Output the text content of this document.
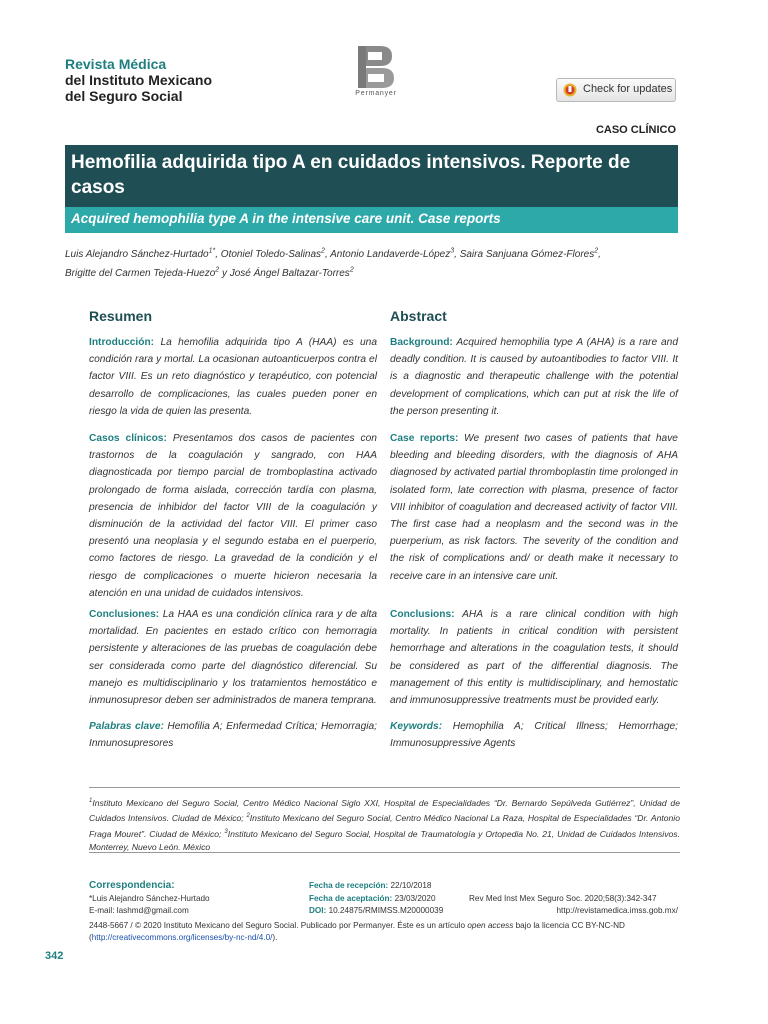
Revista Médica
del Instituto Mexicano
del Seguro Social	Permanyer	Check for updates
CASO CLÍNICO
Hemofilia adquirida tipo A en cuidados intensivos. Reporte de casos
Acquired hemophilia type A in the intensive care unit. Case reports
Luis Alejandro Sánchez-Hurtado$^{1*}$, Otoniel Toledo-Salinas$^2$, Antonio Landaverde-López$^3$, Saira Sanjuana Gómez-Flores$^2$,
Brigitte del Carmen Tejeda-Huezo$^2$ y José Ángel Baltazar-Torres$^2$
Resumen

Introducción: La hemofilia adquirida tipo A (HAA) es una condición rara y mortal. La ocasionan autoanticuerpos contra el factor VIII. Es un reto diagnóstico y terapéutico, con potencial desarrollo de complicaciones, las cuales pueden poner en riesgo la vida de quien las presenta.

Casos clínicos: Presentamos dos casos de pacientes con trastornos de la coagulación y sangrado, con HAA diagnosticada por tiempo parcial de tromboplastina activado prolongado de forma aislada, corrección tardía con plasma, presencia de inhibidor del factor VIII de la coagulación y disminución de la actividad del factor VIII. El primer caso presentó una neoplasia y el segundo estaba en el puerperio, como factores de riesgo. La gravedad de la condición y el riesgo de complicaciones o muerte hicieron necesaria la atención en una unidad de cuidados intensivos.

Conclusiones: La HAA es una condición clínica rara y de alta mortalidad. En pacientes en estado crítico con hemorragia persistente y alteraciones de las pruebas de coagulación debe ser considerada como parte del diagnóstico diferencial. Su manejo es multidisciplinario y los tratamientos hemostático e inmunosupresor deben ser administrados de manera temprana.

Palabras clave: Hemofilia A; Enfermedad Crítica; Hemorragia; Inmunosupresores

Abstract

Background: Acquired hemophilia type A (AHA) is a rare and deadly condition. It is caused by autoantibodies to factor VIII. It is a diagnostic and therapeutic challenge with the potential development of complications, which can put at risk the life of the person presenting it.

Case reports: We present two cases of patients that have bleeding and bleeding disorders, with the diagnosis of AHA diagnosed by activated partial thromboplastin time prolonged in isolated form, late correction with plasma, presence of factor VIII inhibitor of coagulation and decreased activity of factor VIII. The first case had a neoplasm and the second was in the puerperium, as risk factors. The severity of the condition and the risk of complications and/ or death make it necessary to receive care in an intensive care unit.

Conclusions: AHA is a rare clinical condition with high mortality. In patients in critical condition with persistent hemorrhage and alterations in the coagulation tests, it should be considered as part of the differential diagnosis. The management of this entity is multidisciplinary, and hemostatic and immunosuppressive treatments must be provided early.

Keywords: Hemophilia A; Critical Illness; Hemorrhage; Immunosuppressive Agents

$^1$Instituto Mexicano del Seguro Social, Centro Médico Nacional Siglo XXI, Hospital de Especialidades “Dr. Bernardo Sepúlveda Gutiérrez”, Unidad de Cuidados Intensivos. Ciudad de México; $^2$Instituto Mexicano del Seguro Social, Centro Médico Nacional La Raza, Hospital de Especialidades “Dr. Antonio Fraga Mouret”. Ciudad de México; $^3$Instituto Mexicano del Seguro Social, Hospital de Traumatología y Ortopedia No. 21, Unidad de Cuidados Intensivos. Monterrey, Nuevo León. México
Correspondencia:
*Luis Alejandro Sánchez-Hurtado
E-mail: lashmd@gmail.com
Fecha de recepción: 22/10/2018
Fecha de aceptación: 23/03/2020
DOI: 10.24875/RMIMSS.M20000039
Rev Med Inst Mex Seguro Soc. 2020;58(3):342-347
http://revistamedica.imss.gob.mx/
2448-5667 / © 2020 Instituto Mexicano del Seguro Social. Publicado por Permanyer. Éste es un artículo open access bajo la licencia CC BY-NC-ND
(http://creativecommons.org/licenses/by-nc-nd/4.0/).
342
